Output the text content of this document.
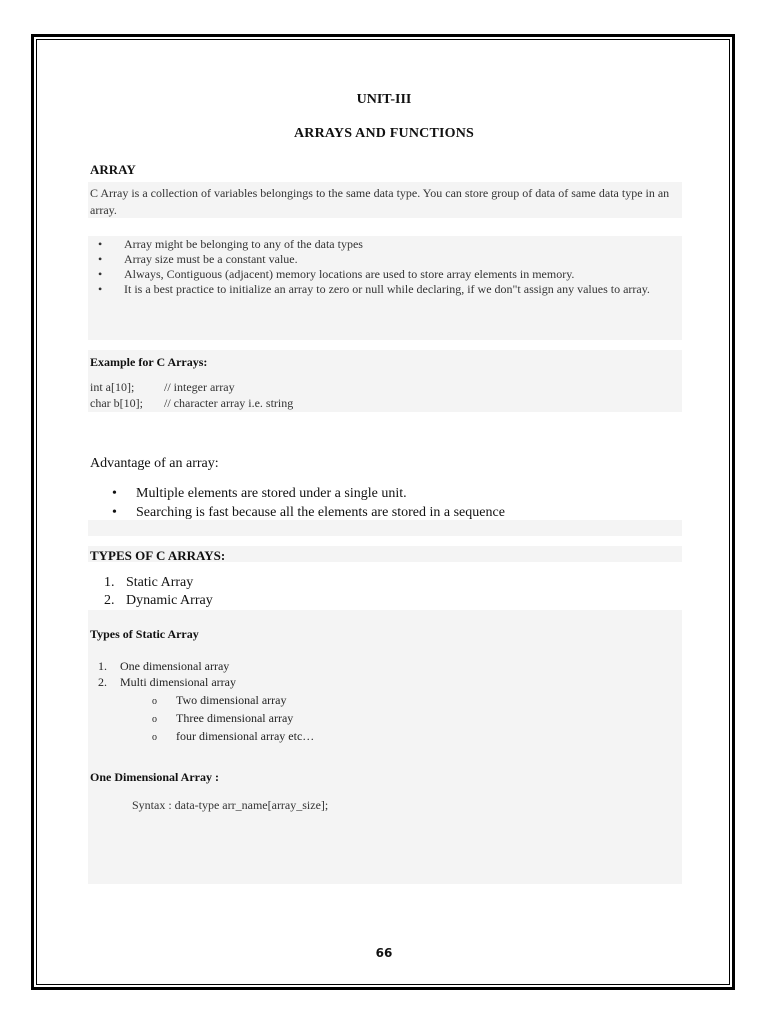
UNIT-III
ARRAYS AND FUNCTIONS
ARRAY
C Array is a collection of variables belongings to the same data type. You can store group of data of same data type in an array.
• Array might be belonging to any of the data types
• Array size must be a constant value.
• Always, Contiguous (adjacent) memory locations are used to store array elements in memory.
• It is a best practice to initialize an array to zero or null while declaring, if we don"t assign any values to array.
Example for C Arrays:
int a[10]; // integer array
char b[10]; // character array i.e. string
Advantage of an array:
• Multiple elements are stored under a single unit.
• Searching is fast because all the elements are stored in a sequence
TYPES OF C ARRAYS:
1. Static Array
2. Dynamic Array
Types of Static Array
1. One dimensional array
2. Multi dimensional array
o Two dimensional array
o Three dimensional array
o four dimensional array etc…
One Dimensional Array :
Syntax : data-type arr_name[array_size];
66
